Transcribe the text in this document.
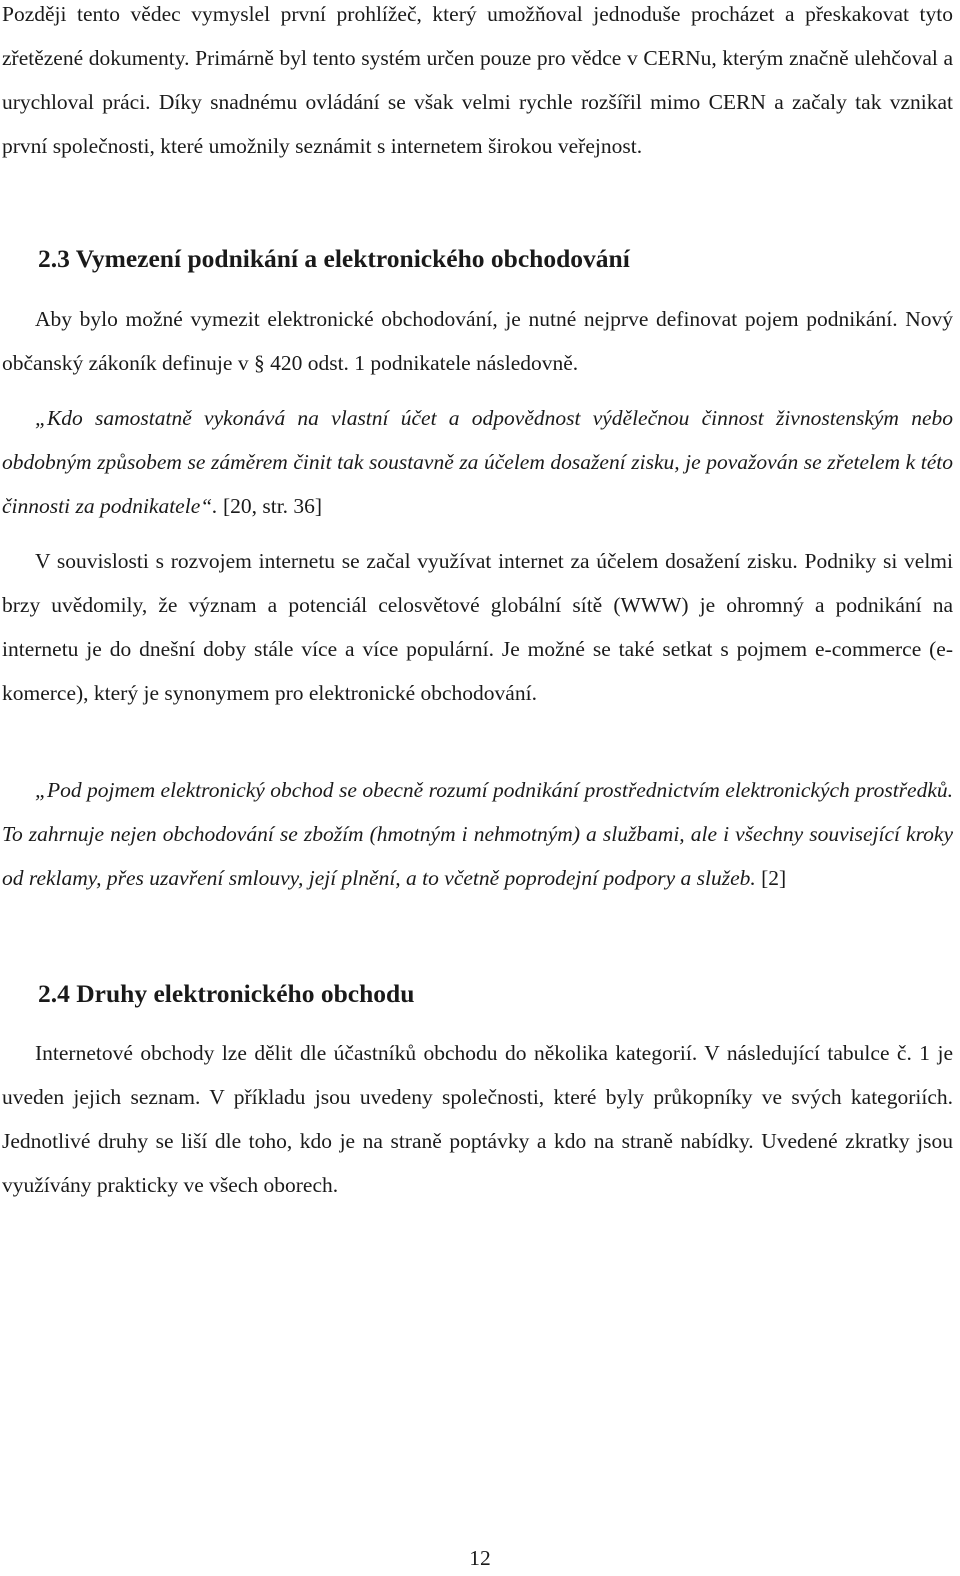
Později tento vědec vymyslel první prohlížeč, který umožňoval jednoduše procházet a přeskakovat tyto zřetězené dokumenty. Primárně byl tento systém určen pouze pro vědce v CERNu, kterým značně ulehčoval a urychloval práci. Díky snadnému ovládání se však velmi rychle rozšířil mimo CERN a začaly tak vznikat první společnosti, které umožnily seznámit s internetem širokou veřejnost.

2.3 Vymezení podnikání a elektronického obchodování

Aby bylo možné vymezit elektronické obchodování, je nutné nejprve definovat pojem podnikání. Nový občanský zákoník definuje v § 420 odst. 1 podnikatele následovně.

„Kdo samostatně vykonává na vlastní účet a odpovědnost výdělečnou činnost živnostenským nebo obdobným způsobem se záměrem činit tak soustavně za účelem dosažení zisku, je považován se zřetelem k této činnosti za podnikatele“. [20, str. 36]

V souvislosti s rozvojem internetu se začal využívat internet za účelem dosažení zisku. Podniky si velmi brzy uvědomily, že význam a potenciál celosvětové globální sítě (WWW) je ohromný a podnikání na internetu je do dnešní doby stále více a více populární. Je možné se také setkat s pojmem e-commerce (e-komerce), který je synonymem pro elektronické obchodování.

„Pod pojmem elektronický obchod se obecně rozumí podnikání prostřednictvím elektronických prostředků. To zahrnuje nejen obchodování se zbožím (hmotným i nehmotným) a službami, ale i všechny související kroky od reklamy, přes uzavření smlouvy, její plnění, a to včetně poprodejní podpory a služeb. [2]

2.4 Druhy elektronického obchodu

Internetové obchody lze dělit dle účastníků obchodu do několika kategorií. V následující tabulce č. 1 je uveden jejich seznam. V příkladu jsou uvedeny společnosti, které byly průkopníky ve svých kategoriích. Jednotlivé druhy se liší dle toho, kdo je na straně poptávky a kdo na straně nabídky. Uvedené zkratky jsou využívány prakticky ve všech oborech.

12
